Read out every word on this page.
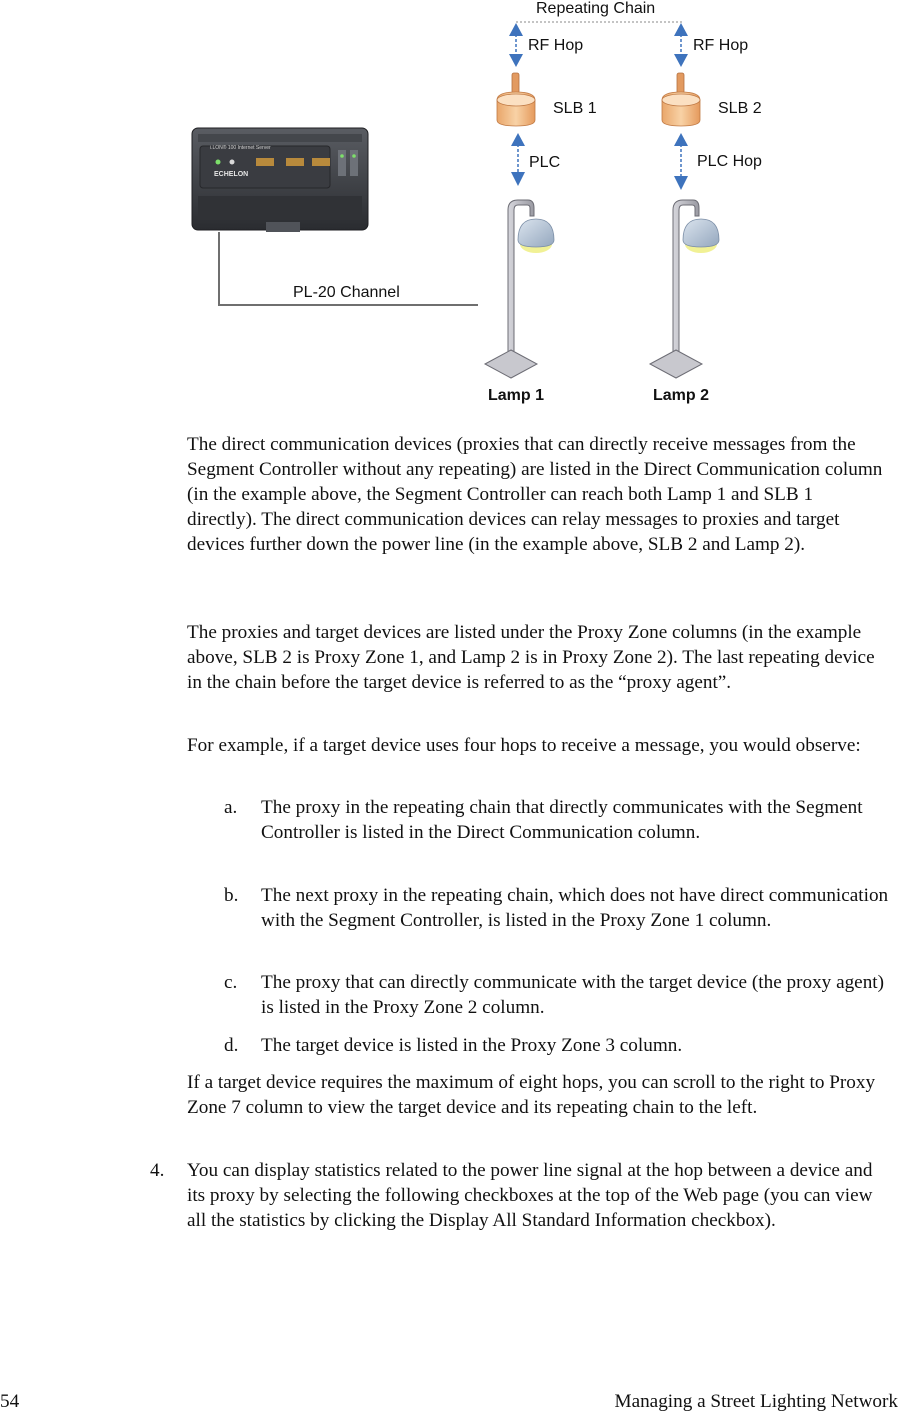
Repeating Chain
RF Hop	RF Hop
SLB 1	SLB 2
PLC	PLC Hop
i.LON® 100 Internet Server
ECHELON
PL-20 Channel
Lamp 1	Lamp 2

The direct communication devices (proxies that can directly receive messages from the Segment Controller without any repeating) are listed in the Direct Communication column (in the example above, the Segment Controller can reach both Lamp 1 and SLB 1 directly). The direct communication devices can relay messages to proxies and target devices further down the power line (in the example above, SLB 2 and Lamp 2).

The proxies and target devices are listed under the Proxy Zone columns (in the example above, SLB 2 is Proxy Zone 1, and Lamp 2 is in Proxy Zone 2). The last repeating device in the chain before the target device is referred to as the “proxy agent”.

For example, if a target device uses four hops to receive a message, you would observe:

a.	The proxy in the repeating chain that directly communicates with the Segment Controller is listed in the Direct Communication column.
b.	The next proxy in the repeating chain, which does not have direct communication with the Segment Controller, is listed in the Proxy Zone 1 column.
c.	The proxy that can directly communicate with the target device (the proxy agent) is listed in the Proxy Zone 2 column.
d.	The target device is listed in the Proxy Zone 3 column.

If a target device requires the maximum of eight hops, you can scroll to the right to Proxy Zone 7 column to view the target device and its repeating chain to the left.

4.	You can display statistics related to the power line signal at the hop between a device and its proxy by selecting the following checkboxes at the top of the Web page (you can view all the statistics by clicking the Display All Standard Information checkbox).
54	Managing a Street Lighting Network
